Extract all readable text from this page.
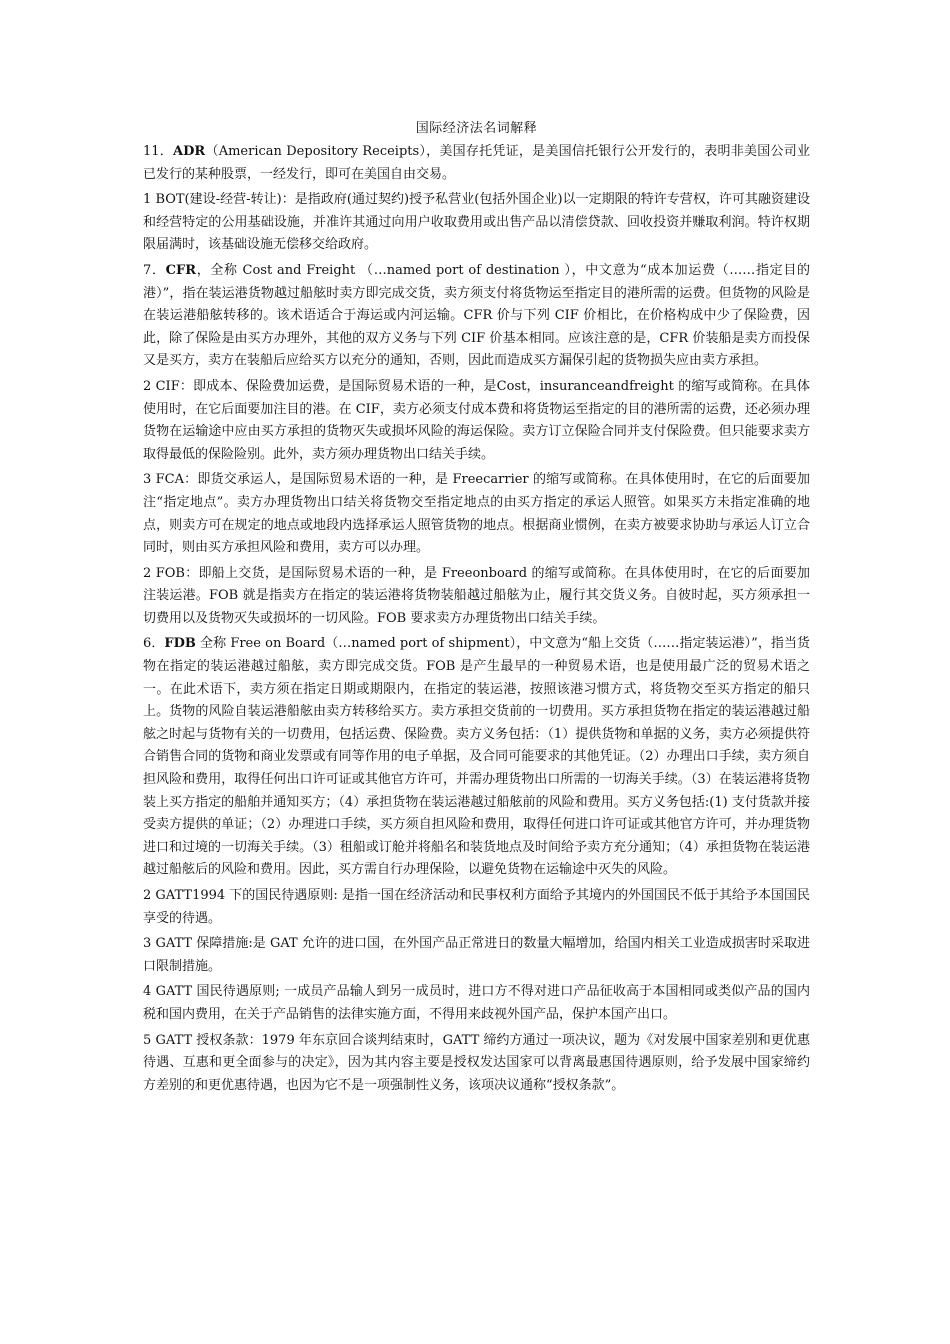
国际经济法名词解释

11．ADR（American Depository Receipts），美国存托凭证，是美国信托银行公开发行的，表明非美国公司业已发行的某种股票，一经发行，即可在美国自由交易。

1 BOT(建设-经营-转让)：是指政府(通过契约)授予私营业(包括外国企业)以一定期限的特许专营权，许可其融资建设和经营特定的公用基础设施，并准许其通过向用户收取费用或出售产品以清偿贷款、回收投资并赚取利润。特许权期限届满时，该基础设施无偿移交给政府。

7．CFR，全称 Cost and Freight （…named port of destination ），中文意为“成本加运费（……指定目的港）”，指在装运港货物越过船舷时卖方即完成交货，卖方须支付将货物运至指定目的港所需的运费。但货物的风险是在装运港船舷转移的。该术语适合于海运或内河运输。CFR 价与下列 CIF 价相比，在价格构成中少了保险费，因此，除了保险是由买方办理外，其他的双方义务与下列 CIF 价基本相同。应该注意的是，CFR 价装船是卖方而投保又是买方，卖方在装船后应给买方以充分的通知，否则，因此而造成买方漏保引起的货物损失应由卖方承担。

2 CIF：即成本、保险费加运费，是国际贸易术语的一种，是Cost，insuranceandfreight 的缩写或简称。在具体使用时，在它后面要加注目的港。在 CIF，卖方必须支付成本费和将货物运至指定的目的港所需的运费，还必须办理货物在运输途中应由买方承担的货物灭失或损坏风险的海运保险。卖方订立保险合同并支付保险费。但只能要求卖方取得最低的保险险别。此外，卖方须办理货物出口结关手续。

3 FCA：即货交承运人，是国际贸易术语的一种，是 Freecarrier 的缩写或简称。在具体使用时，在它的后面要加注“指定地点”。卖方办理货物出口结关将货物交至指定地点的由买方指定的承运人照管。如果买方未指定准确的地点，则卖方可在规定的地点或地段内选择承运人照管货物的地点。根据商业惯例，在卖方被要求协助与承运人订立合同时，则由买方承担风险和费用，卖方可以办理。

2 FOB：即船上交货，是国际贸易术语的一种，是 Freeonboard 的缩写或简称。在具体使用时，在它的后面要加注装运港。FOB 就是指卖方在指定的装运港将货物装船越过船舷为止，履行其交货义务。自彼时起，买方须承担一切费用以及货物灭失或损坏的一切风险。FOB 要求卖方办理货物出口结关手续。

6．FDB 全称 Free on Board（…named port of shipment），中文意为“船上交货（……指定装运港）”，指当货物在指定的装运港越过船舷，卖方即完成交货。FOB 是产生最早的一种贸易术语，也是使用最广泛的贸易术语之一。在此术语下，卖方须在指定日期或期限内，在指定的装运港，按照该港习惯方式，将货物交至买方指定的船只上。货物的风险自装运港船舷由卖方转移给买方。卖方承担交货前的一切费用。买方承担货物在指定的装运港越过船舷之时起与货物有关的一切费用，包括运费、保险费。卖方义务包括：（1）提供货物和单据的义务，卖方必须提供符合销售合同的货物和商业发票或有同等作用的电子单据，及合同可能要求的其他凭证。（2）办理出口手续，卖方须自担风险和费用，取得任何出口许可证或其他官方许可，并需办理货物出口所需的一切海关手续。（3）在装运港将货物装上买方指定的船舶并通知买方；（4）承担货物在装运港越过船舷前的风险和费用。买方义务包括:(1) 支付货款并接受卖方提供的单证；（2）办理进口手续，买方须自担风险和费用，取得任何进口许可证或其他官方许可，并办理货物进口和过境的一切海关手续。（3）租船或订舱并将船名和装货地点及时间给予卖方充分通知；（4）承担货物在装运港越过船舷后的风险和费用。因此，买方需自行办理保险，以避免货物在运输途中灭失的风险。

2 GATT1994 下的国民待遇原则: 是指一国在经济活动和民事权利方面给予其境内的外国国民不低于其给予本国国民享受的待遇。

3 GATT 保障措施:是 GAT 允许的进口国，在外国产品正常进日的数量大幅增加，给国内相关工业造成损害时采取进口限制措施。

4 GATT 国民待遇原则; 一成员产品输人到另一成员时，进口方不得对进口产品征收高于本国相同或类似产品的国内税和国内费用，在关于产品销售的法律实施方面，不得用来歧视外国产品，保护本国产出口。

5 GATT 授权条款：1979 年东京回合谈判结束时，GATT 缔约方通过一项决议，题为《对发展中国家差别和更优惠待遇、互惠和更全面参与的决定》，因为其内容主要是授权发达国家可以背离最惠国待遇原则，给予发展中国家缔约方差别的和更优惠待遇，也因为它不是一项强制性义务，该项决议通称“授权条款”。
